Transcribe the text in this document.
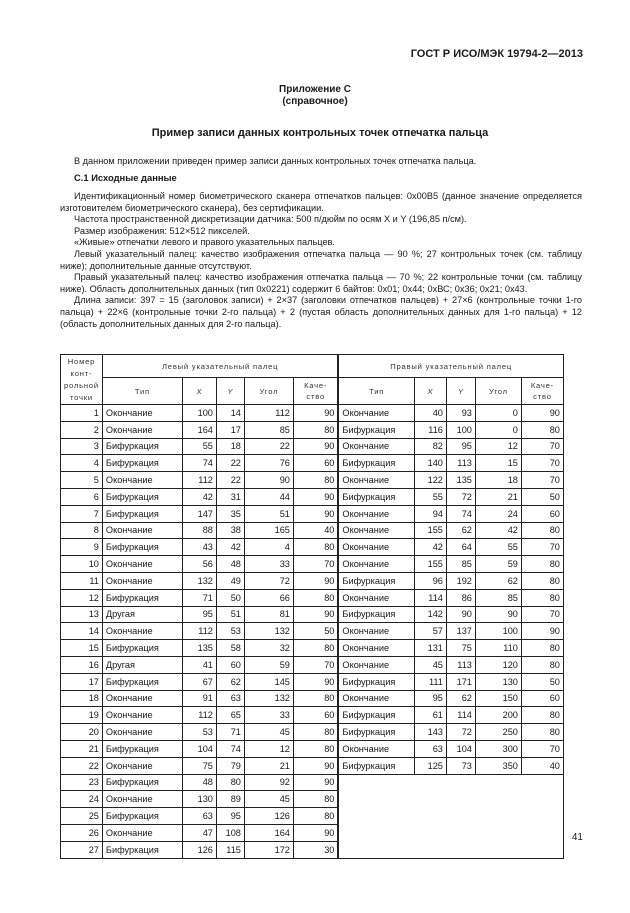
ГОСТ Р ИСО/МЭК 19794-2—2013
Приложение С
(справочное)
Пример записи данных контрольных точек отпечатка пальца
В данном приложении приведен пример записи данных контрольных точек отпечатка пальца.
С.1 Исходные данные

Идентификационный номер биометрического сканера отпечатков пальцев: 0х00В5 (данное значение определяется изготовителем биометрического сканера), без сертификации.

Частота пространственной дискретизации датчика: 500 п/дюйм по осям X и Y (196,85 п/см).

Размер изображения: 512×512 пикселей.

«Живые» отпечатки левого и правого указательных пальцев.

Левый указательный палец: качество изображения отпечатка пальца — 90 %; 27 контрольных точек (см. таблицу ниже); дополнительные данные отсутствуют.

Правый указательный палец: качество изображения отпечатка пальца — 70 %; 22 контрольные точки (см. таблицу ниже). Область дополнительных данных (тип 0х0221) содержит 6 байтов: 0х01; 0х44; 0хВС; 0х36; 0х21; 0х43.

Длина записи: 397 = 15 (заголовок записи) + 2×37 (заголовки отпечатков пальцев) + 27×6 (контрольные точки 1-го пальца) + 22×6 (контрольные точки 2-го пальца) + 2 (пустая область дополнительных данных для 1-го пальца) + 12 (область дополнительных данных для 2-го пальца).

Номер конт-рольной точки	Левый указательный палец					Правый указательный палец				
	Тип	X	Y	Угол	Каче-ство	Тип	X	Y	Угол	Каче-ство
1	Окончание	100	14	112	90	Окончание	40	93	0	90
2	Окончание	164	17	85	80	Бифуркация	116	100	0	80
3	Бифуркация	55	18	22	90	Окончание	82	95	12	70
4	Бифуркация	74	22	76	60	Бифуркация	140	113	15	70
5	Окончание	112	22	90	80	Окончание	122	135	18	70
6	Бифуркация	42	31	44	90	Бифуркация	55	72	21	50
7	Бифуркация	147	35	51	90	Окончание	94	74	24	60
8	Окончание	88	38	165	40	Окончание	155	62	42	80
9	Бифуркация	43	42	4	80	Окончание	42	64	55	70
10	Окончание	56	48	33	70	Окончание	155	85	59	80
11	Окончание	132	49	72	90	Бифуркация	96	192	62	80
12	Бифуркация	71	50	66	80	Окончание	114	86	85	80
13	Другая	95	51	81	90	Бифуркация	142	90	90	70
14	Окончание	112	53	132	50	Окончание	57	137	100	90
15	Бифуркация	135	58	32	80	Окончание	131	75	110	80
16	Другая	41	60	59	70	Окончание	45	113	120	80
17	Бифуркация	67	62	145	90	Бифуркация	111	171	130	50
18	Окончание	91	63	132	80	Окончание	95	62	150	60
19	Окончание	112	65	33	60	Бифуркация	61	114	200	80
20	Окончание	53	71	45	80	Бифуркация	143	72	250	80
21	Бифуркация	104	74	12	80	Окончание	63	104	300	70
22	Окончание	75	79	21	90	Бифуркация	125	73	350	40
23	Бифуркация	48	80	92	90					
24	Окончание	130	89	45	80					
25	Бифуркация	63	95	126	80					
26	Окончание	47	108	164	90					
27	Бифуркация	126	115	172	30					
41
